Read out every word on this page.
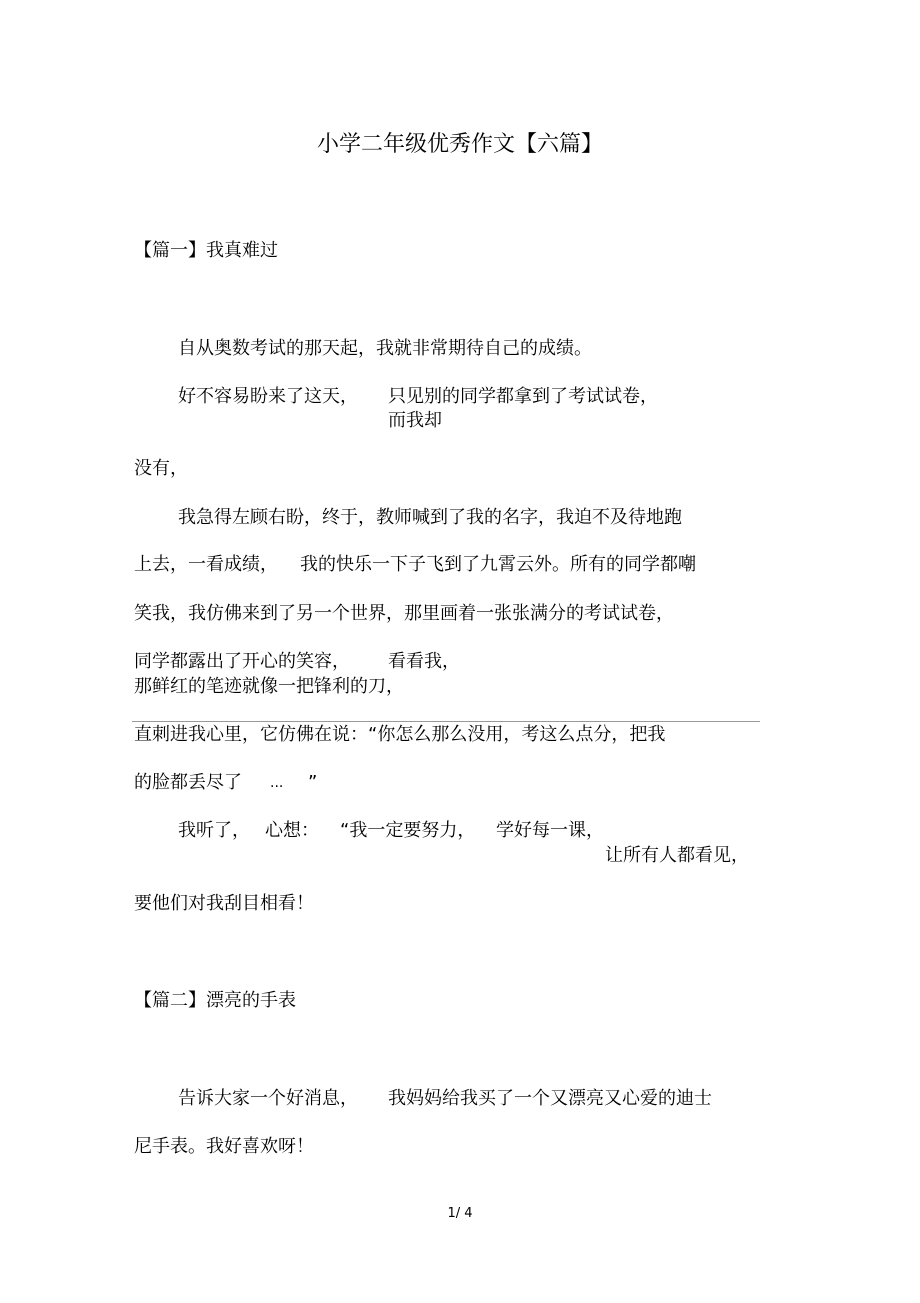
小学二年级优秀作文【六篇】
【篇一】我真难过
自从奥数考试的那天起，我就非常期待自己的成绩。
好不容易盼来了这天， 只见别的同学都拿到了考试试卷，
而我却
没有，
我急得左顾右盼，终于，教师喊到了我的名字，我迫不及待地跑
上去，一看成绩， 我的快乐一下子飞到了九霄云外。所有的同学都嘲
笑我，我仿佛来到了另一个世界，那里画着一张张满分的考试试卷，
同学都露出了开心的笑容， 看看我，
那鲜红的笔迹就像一把锋利的刀，
直刺进我心里，它仿佛在说：“你怎么那么没用，考这么点分，把我
的脸都丢尽了 ... ”
我听了， 心想： “我一定要努力， 学好每一课，
让所有人都看见，
要他们对我刮目相看！
【篇二】漂亮的手表
告诉大家一个好消息， 我妈妈给我买了一个又漂亮又心爱的迪士
尼手表。我好喜欢呀！
1/ 4
